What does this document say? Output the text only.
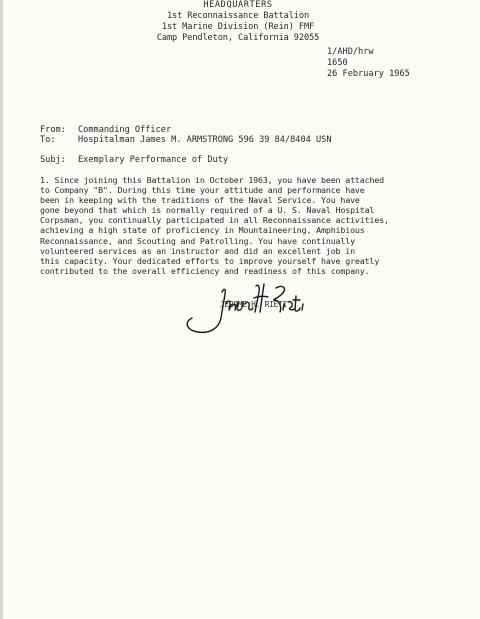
HEADQUARTERS
1st Reconnaissance Battalion
1st Marine Division (Rein) FMF
Camp Pendleton, California 92055
1/AHD/hrw
1650
26 February 1965
From: Commanding Officer
To:	Hospitalman James M. ARMSTRONG 596 39 84/8404 USN
Subj: Exemplary Performance of Duty
1. Since joining this Battalion in October 1963, you have been attached
to Company "B". During this time your attitude and performance have
been in keeping with the traditions of the Naval Service. You have
gone beyond that which is normally required of a U. S. Naval Hospital
Corpsman, you continually participated in all Reconnaissance activities,
achieving a high state of proficiency in Mountaineering, Amphibious
Reconnaissance, and Scouting and Patrolling. You have continually
volunteered services as an instructor and did an excellent job in
this capacity. Your dedicated efforts to improve yourself have greatly
contributed to the overall efficiency and readiness of this company.
JEROME H. RIETI
